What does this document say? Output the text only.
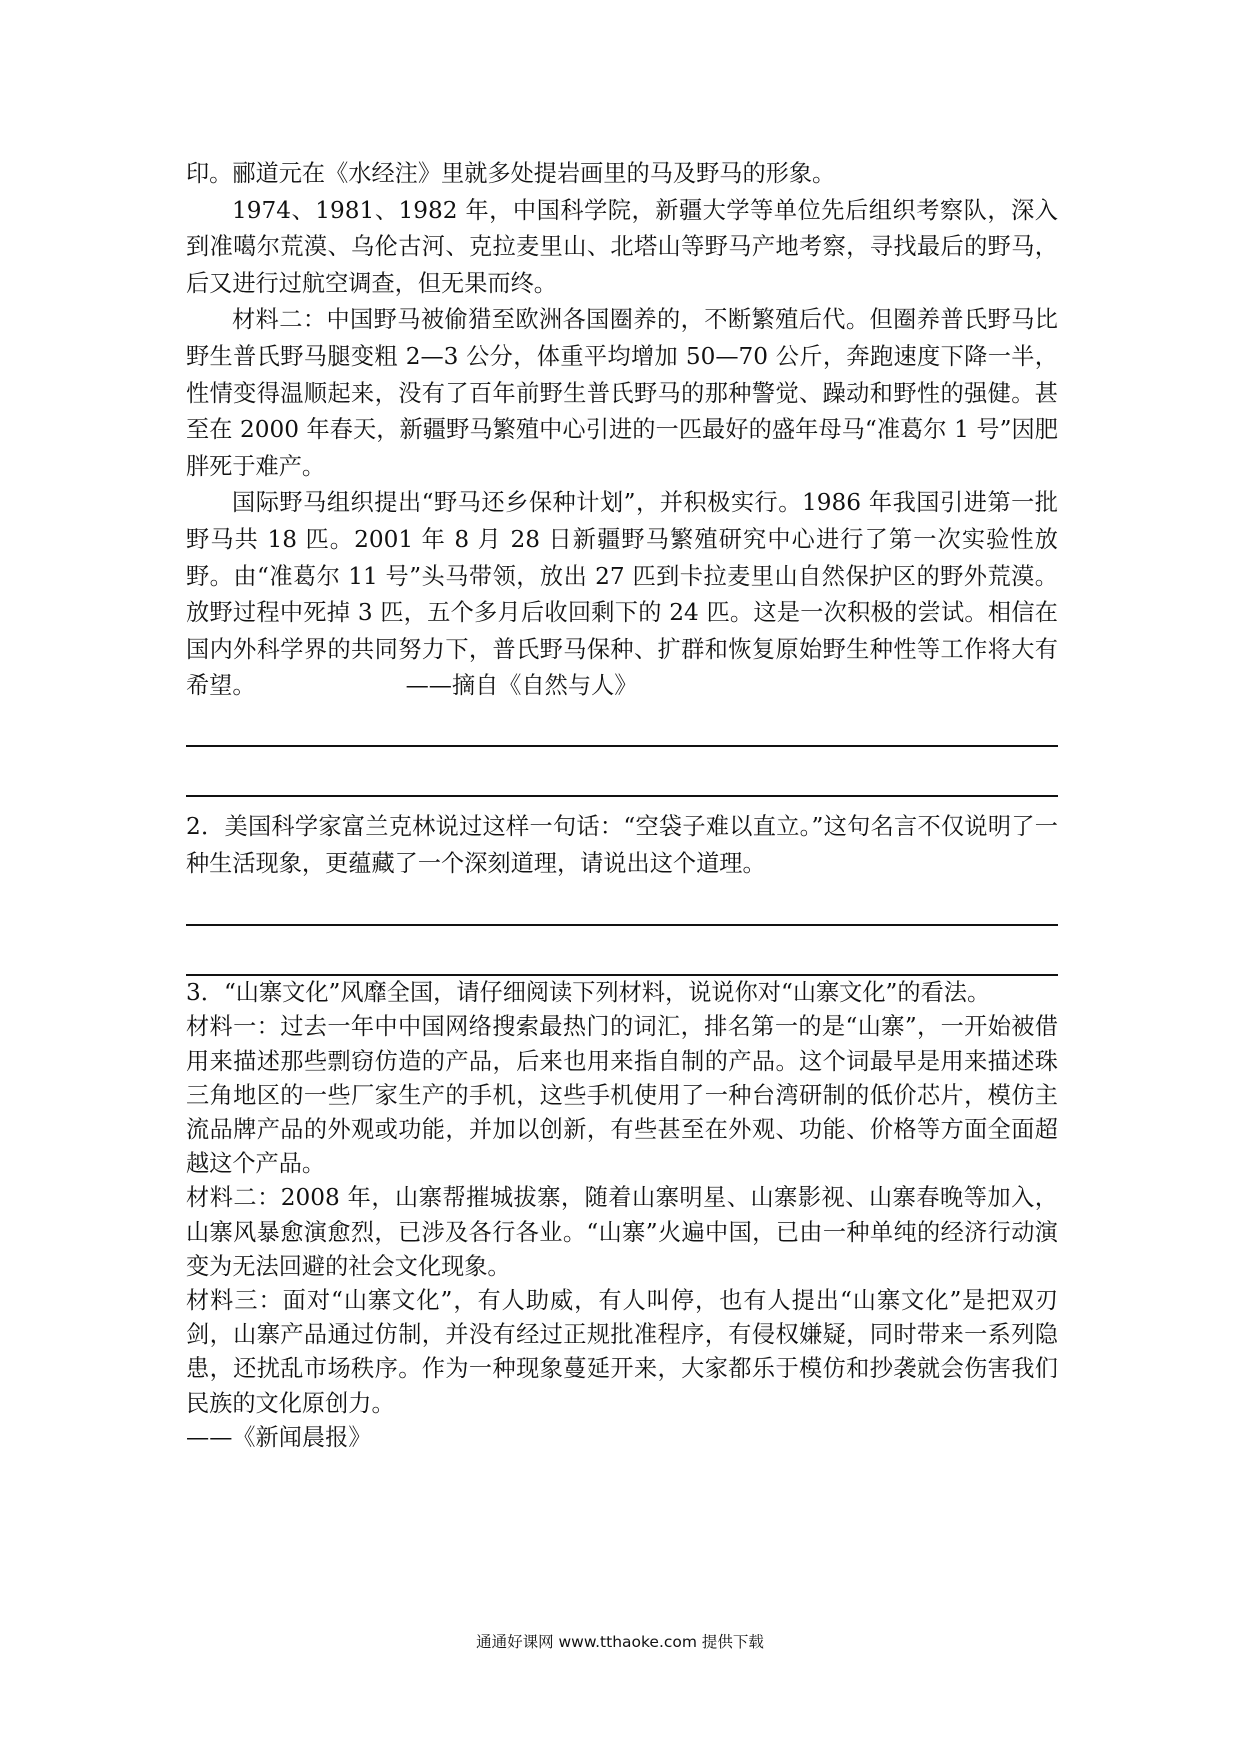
印。郦道元在《水经注》里就多处提岩画里的马及野马的形象。

1974、1981、1982 年，中国科学院，新疆大学等单位先后组织考察队，深入到准噶尔荒漠、乌伦古河、克拉麦里山、北塔山等野马产地考察，寻找最后的野马，后又进行过航空调查，但无果而终。

材料二：中国野马被偷猎至欧洲各国圈养的，不断繁殖后代。但圈养普氏野马比野生普氏野马腿变粗 2—3 公分，体重平均增加 50—70 公斤，奔跑速度下降一半，性情变得温顺起来，没有了百年前野生普氏野马的那种警觉、躁动和野性的强健。甚至在 2000 年春天，新疆野马繁殖中心引进的一匹最好的盛年母马“准葛尔 1 号”因肥胖死于难产。

国际野马组织提出“野马还乡保种计划”，并积极实行。1986 年我国引进第一批野马共 18 匹。2001 年 8 月 28 日新疆野马繁殖研究中心进行了第一次实验性放野。由“准葛尔 11 号”头马带领，放出 27 匹到卡拉麦里山自然保护区的野外荒漠。放野过程中死掉 3 匹，五个多月后收回剩下的 24 匹。这是一次积极的尝试。相信在国内外科学界的共同努力下，普氏野马保种、扩群和恢复原始野生种性等工作将大有希望。	——摘自《自然与人》

2．美国科学家富兰克林说过这样一句话：“空袋子难以直立。”这句名言不仅说明了一种生活现象，更蕴藏了一个深刻道理，请说出这个道理。

3．“山寨文化”风靡全国，请仔细阅读下列材料，说说你对“山寨文化”的看法。

材料一：过去一年中中国网络搜索最热门的词汇，排名第一的是“山寨”，一开始被借用来描述那些剽窃仿造的产品，后来也用来指自制的产品。这个词最早是用来描述珠三角地区的一些厂家生产的手机，这些手机使用了一种台湾研制的低价芯片，模仿主流品牌产品的外观或功能，并加以创新，有些甚至在外观、功能、价格等方面全面超越这个产品。

材料二：2008 年，山寨帮摧城拔寨，随着山寨明星、山寨影视、山寨春晚等加入，山寨风暴愈演愈烈，已涉及各行各业。“山寨”火遍中国，已由一种单纯的经济行动演变为无法回避的社会文化现象。

材料三：面对“山寨文化”，有人助威，有人叫停，也有人提出“山寨文化”是把双刃剑，山寨产品通过仿制，并没有经过正规批准程序，有侵权嫌疑，同时带来一系列隐患，还扰乱市场秩序。作为一种现象蔓延开来，大家都乐于模仿和抄袭就会伤害我们民族的文化原创力。

——《新闻晨报》

通通好课网 www.tthaoke.com 提供下载
